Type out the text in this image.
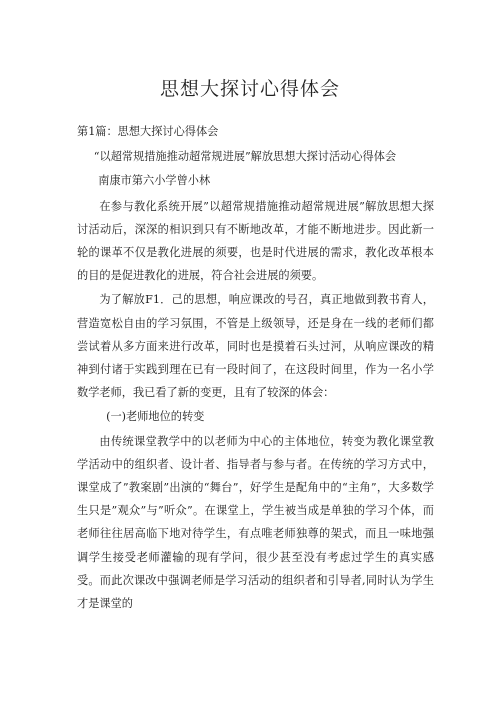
思想大探讨心得体会

第1篇：思想大探讨心得体会

“以超常规措施推动超常规进展”解放思想大探讨活动心得体会

南康市第六小学曾小林

在参与教化系统开展”以超常规措施推动超常规进展”解放思想大探讨活动后，深深的相识到只有不断地改革，才能不断地进步。因此新一轮的课革不仅是教化进展的须要，也是时代进展的需求，教化改革根本的目的是促进教化的进展，符合社会进展的须要。

为了解放F1．己的思想，响应课改的号召，真正地做到教书育人，营造宽松自由的学习氛围，不管是上级领导，还是身在一线的老师们都尝试着从多方面来进行改革，同时也是摸着石头过河，从响应课改的精神到付诸于实践到理在已有一段时间了，在这段时间里，作为一名小学数学老师，我已看了新的变更，且有了较深的体会：

(一)老师地位的转变

由传统课堂教学中的以老师为中心的主体地位，转变为教化课堂教学活动中的组织者、设计者、指导者与参与者。在传统的学习方式中，课堂成了”教案剧”出演的“舞台”，好学生是配角中的“主角”，大多数学生只是”观众”与”听众”。在课堂上，学生被当成是单独的学习个体，而老师往往居高临下地对待学生，有点唯老师独尊的架式，而且一味地强调学生接受老师灌输的现有学问，很少甚至没有考虑过学生的真实感受。而此次课改中强调老师是学习活动的组织者和引导者,同时认为学生才是课堂的
